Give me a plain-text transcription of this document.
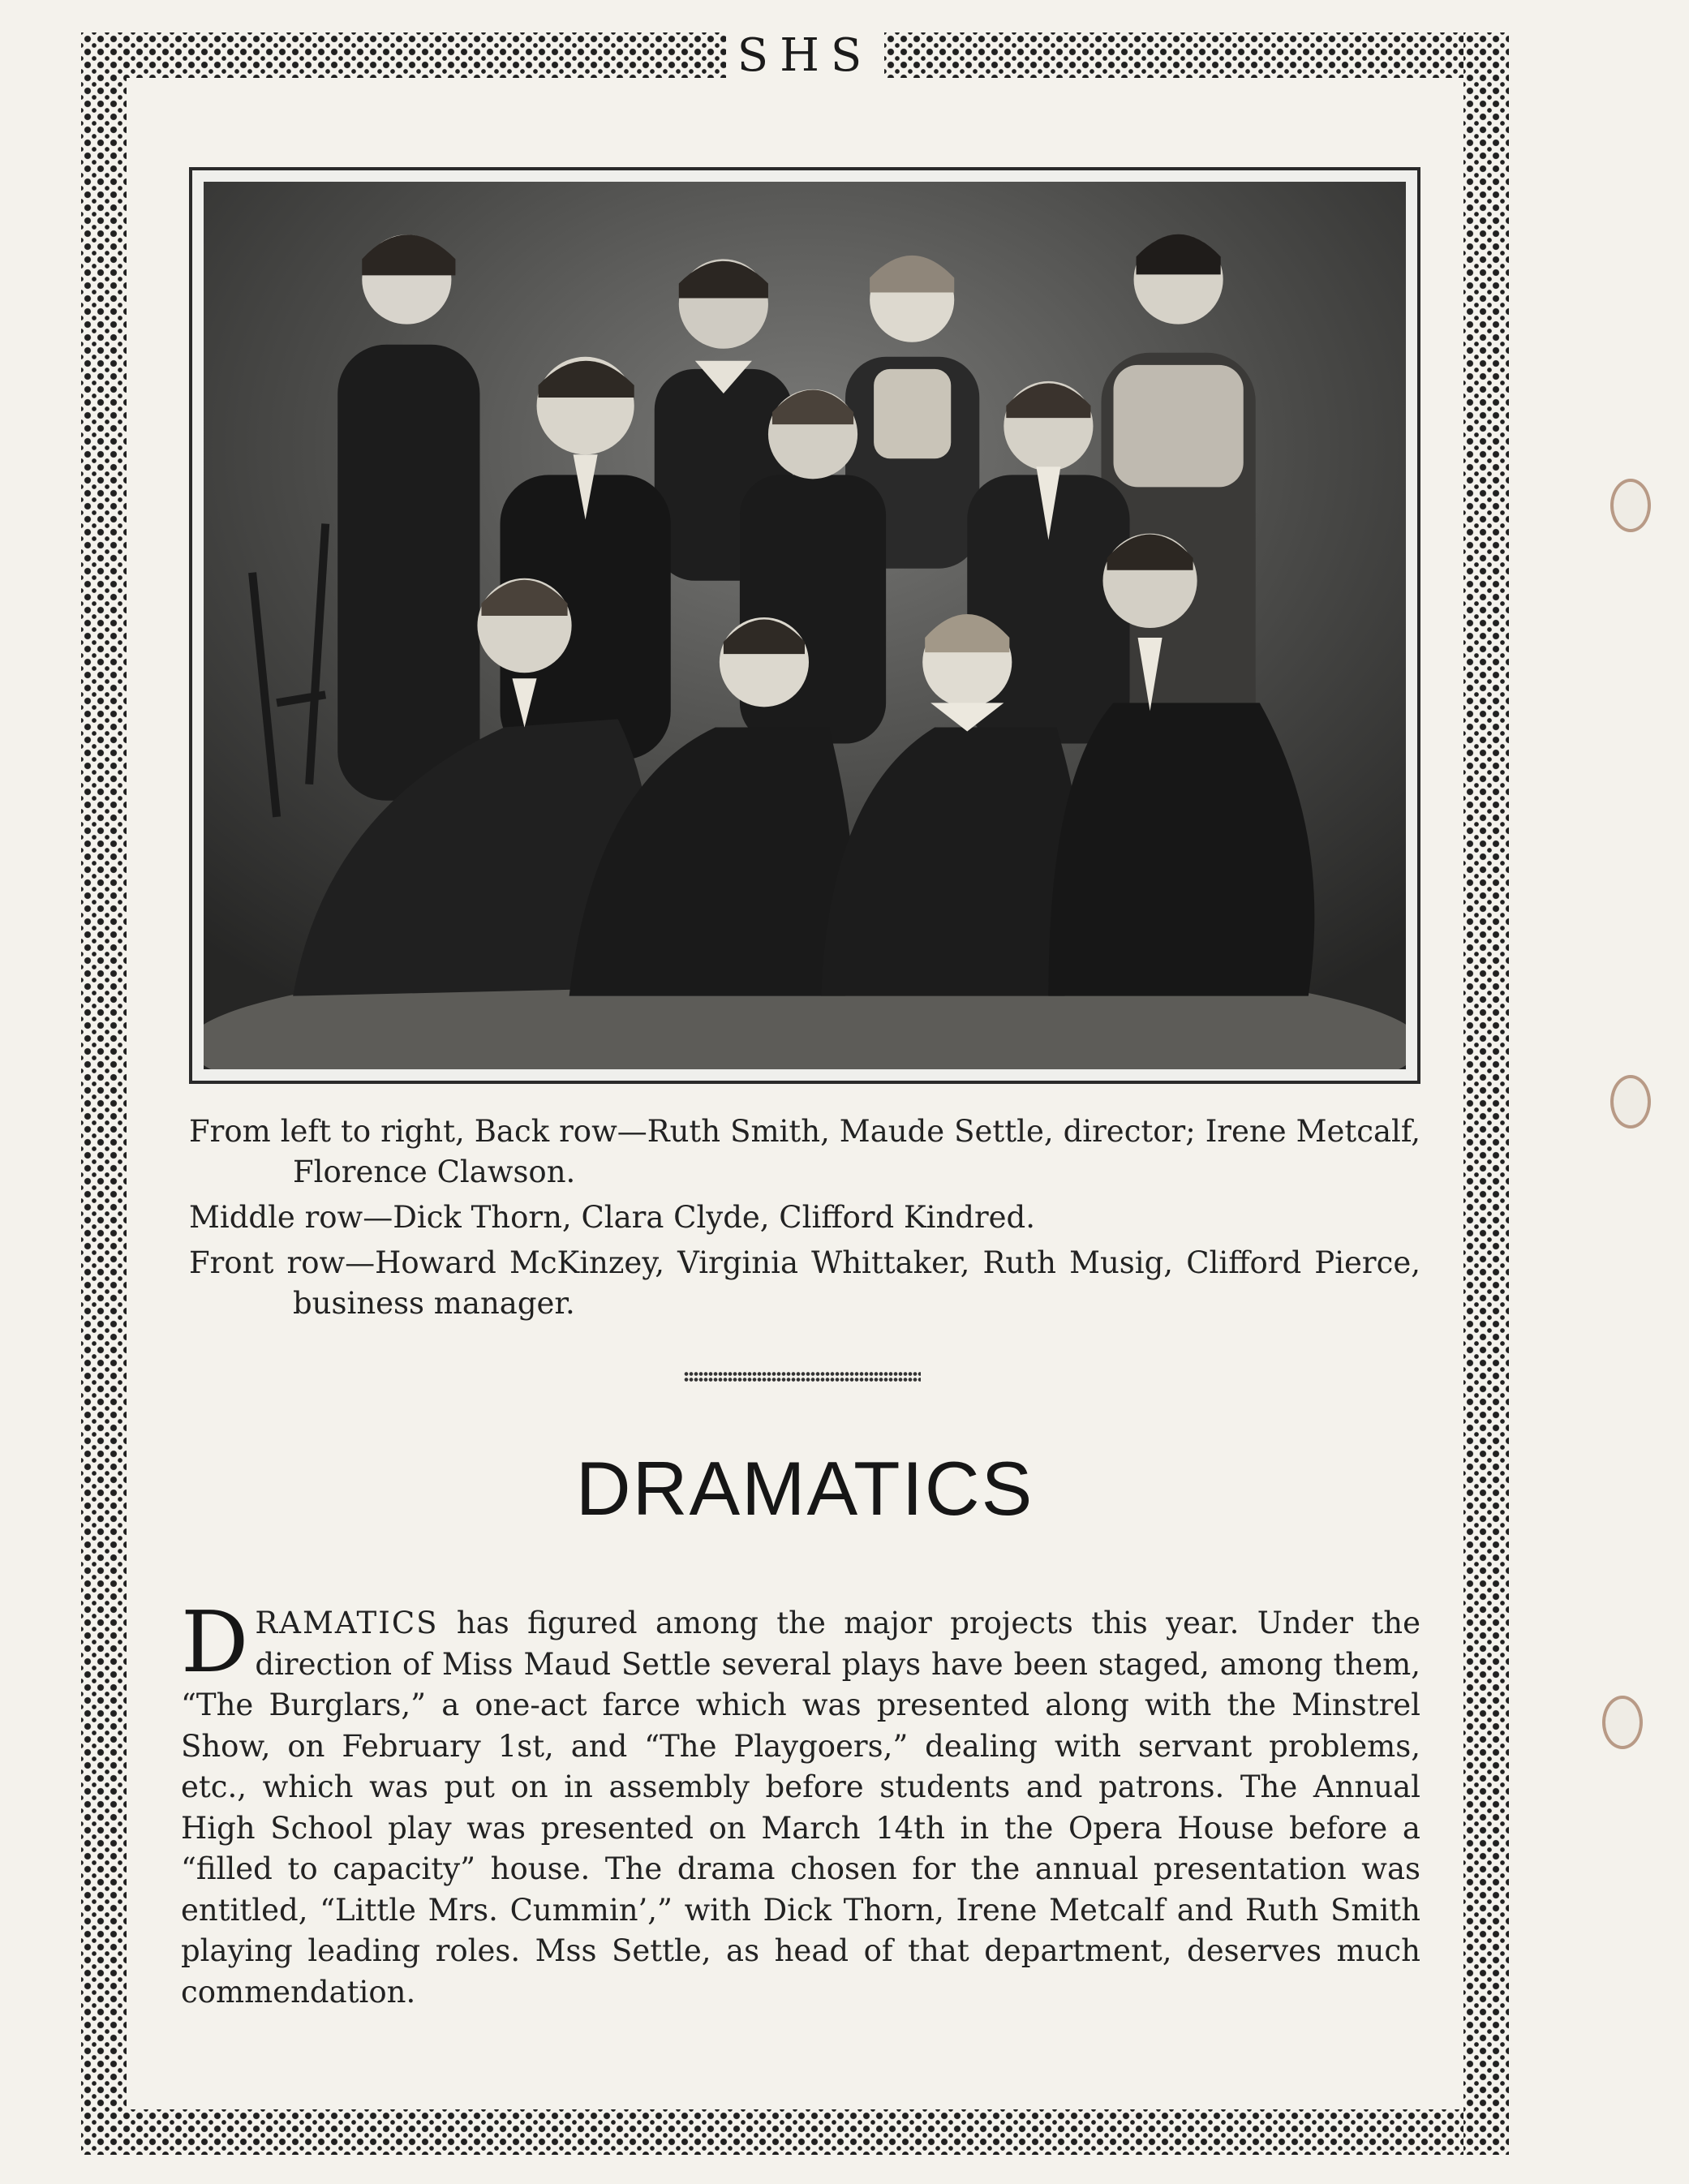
SHS

From left to right, Back row—Ruth Smith, Maude Settle, director; Irene Metcalf, Florence Clawson.

Middle row—Dick Thorn, Clara Clyde, Clifford Kindred.

Front row—Howard McKinzey, Virginia Whittaker, Ruth Musig, Clifford Pierce, business manager.

DRAMATICS

DRAMATICS has figured among the major projects this year. Under the direction of Miss Maud Settle several plays have been staged, among them, “The Burglars,” a one-act farce which was presented along with the Minstrel Show, on February 1st, and “The Playgoers,” dealing with servant problems, etc., which was put on in assembly before students and patrons. The Annual High School play was presented on March 14th in the Opera House before a “filled to capacity” house. The drama chosen for the annual presentation was entitled, “Little Mrs. Cummin’,” with Dick Thorn, Irene Metcalf and Ruth Smith playing leading roles. Mss Settle, as head of that department, deserves much commendation.
